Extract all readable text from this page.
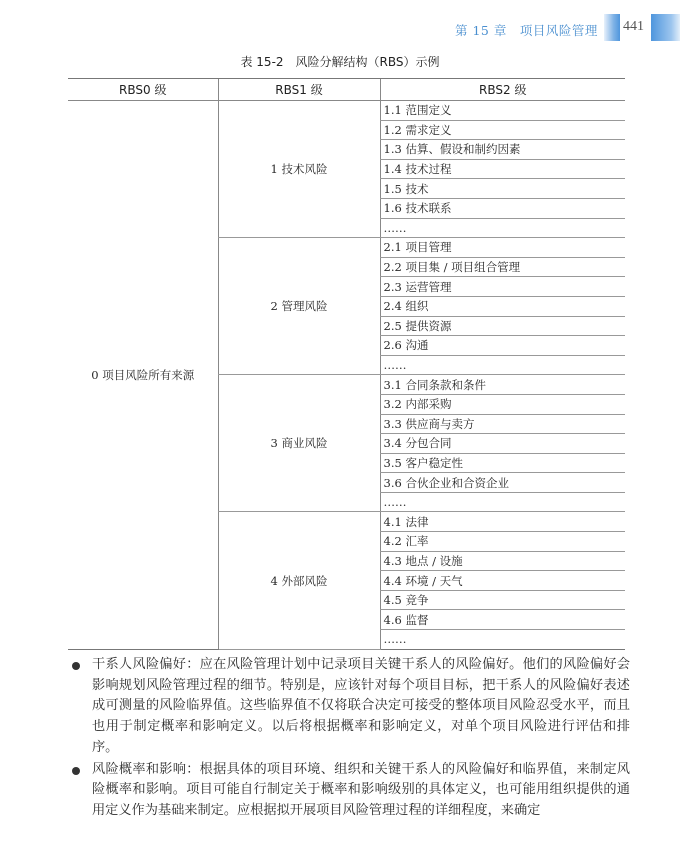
第 15 章　项目风险管理 441
表 15-2　风险分解结构（RBS）示例
RBS0 级	RBS1 级	RBS2 级
0 项目风险所有来源	1 技术风险	1.1 范围定义
		1.2 需求定义
		1.3 估算、假设和制约因素
		1.4 技术过程
		1.5 技术
		1.6 技术联系
		……
	2 管理风险	2.1 项目管理
		2.2 项目集 / 项目组合管理
		2.3 运营管理
		2.4 组织
		2.5 提供资源
		2.6 沟通
		……
	3 商业风险	3.1 合同条款和条件
		3.2 内部采购
		3.3 供应商与卖方
		3.4 分包合同
		3.5 客户稳定性
		3.6 合伙企业和合资企业
		……
	4 外部风险	4.1 法律
		4.2 汇率
		4.3 地点 / 设施
		4.4 环境 / 天气
		4.5 竞争
		4.6 监督
		……
干系人风险偏好：应在风险管理计划中记录项目关键干系人的风险偏好。他们的风险偏好会影响规划风险管理过程的细节。特别是，应该针对每个项目目标，把干系人的风险偏好表述成可测量的风险临界值。这些临界值不仅将联合决定可接受的整体项目风险忍受水平，而且也用于制定概率和影响定义。以后将根据概率和影响定义，对单个项目风险进行评估和排序。
风险概率和影响：根据具体的项目环境、组织和关键干系人的风险偏好和临界值，来制定风险概率和影响。项目可能自行制定关于概率和影响级别的具体定义，也可能用组织提供的通用定义作为基础来制定。应根据拟开展项目风险管理过程的详细程度，来确定
